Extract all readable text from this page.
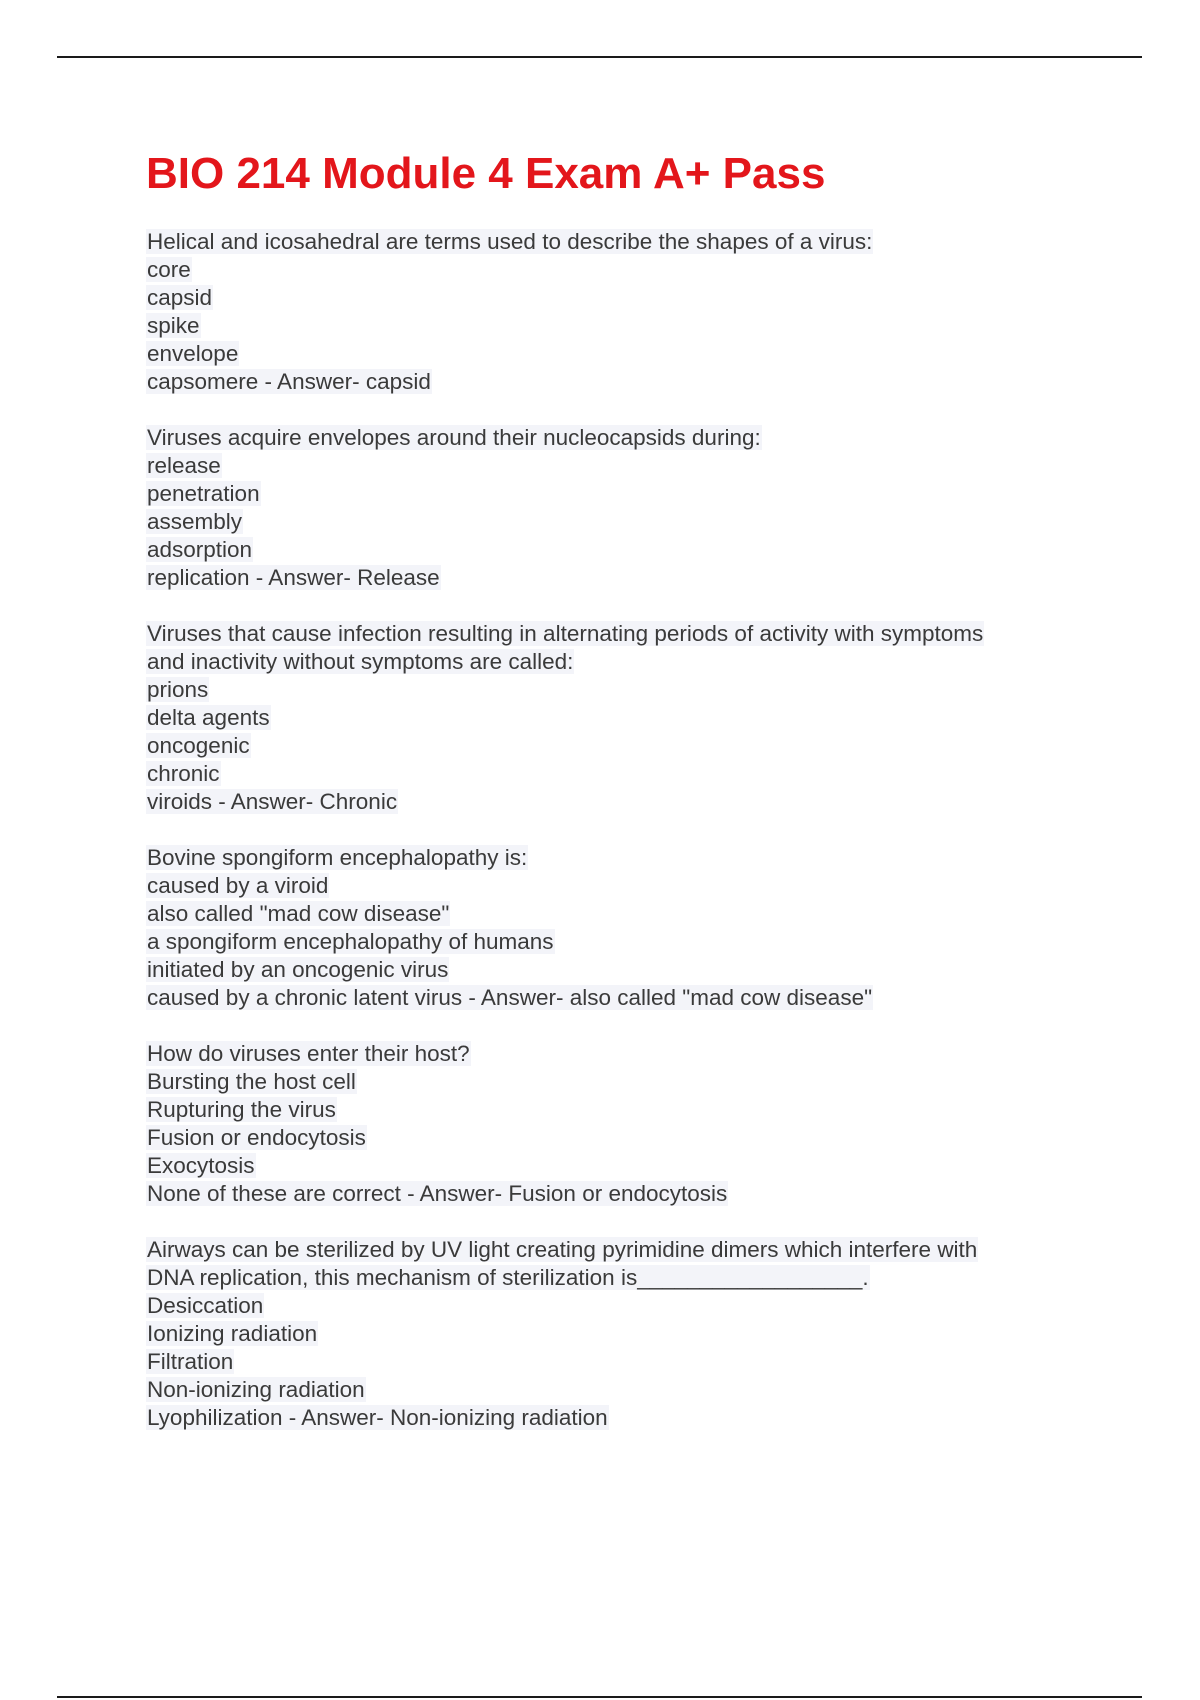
BIO 214 Module 4 Exam A+ Pass
Helical and icosahedral are terms used to describe the shapes of a virus:
core
capsid
spike
envelope
capsomere - Answer- capsid
Viruses acquire envelopes around their nucleocapsids during:
release
penetration
assembly
adsorption
replication - Answer- Release
Viruses that cause infection resulting in alternating periods of activity with symptoms
and inactivity without symptoms are called:
prions
delta agents
oncogenic
chronic
viroids - Answer- Chronic
Bovine spongiform encephalopathy is:
caused by a viroid
also called "mad cow disease"
a spongiform encephalopathy of humans
initiated by an oncogenic virus
caused by a chronic latent virus - Answer- also called "mad cow disease"
How do viruses enter their host?
Bursting the host cell
Rupturing the virus
Fusion or endocytosis
Exocytosis
None of these are correct - Answer- Fusion or endocytosis
Airways can be sterilized by UV light creating pyrimidine dimers which interfere with
DNA replication, this mechanism of sterilization is__________________.
Desiccation
Ionizing radiation
Filtration
Non-ionizing radiation
Lyophilization - Answer- Non-ionizing radiation
